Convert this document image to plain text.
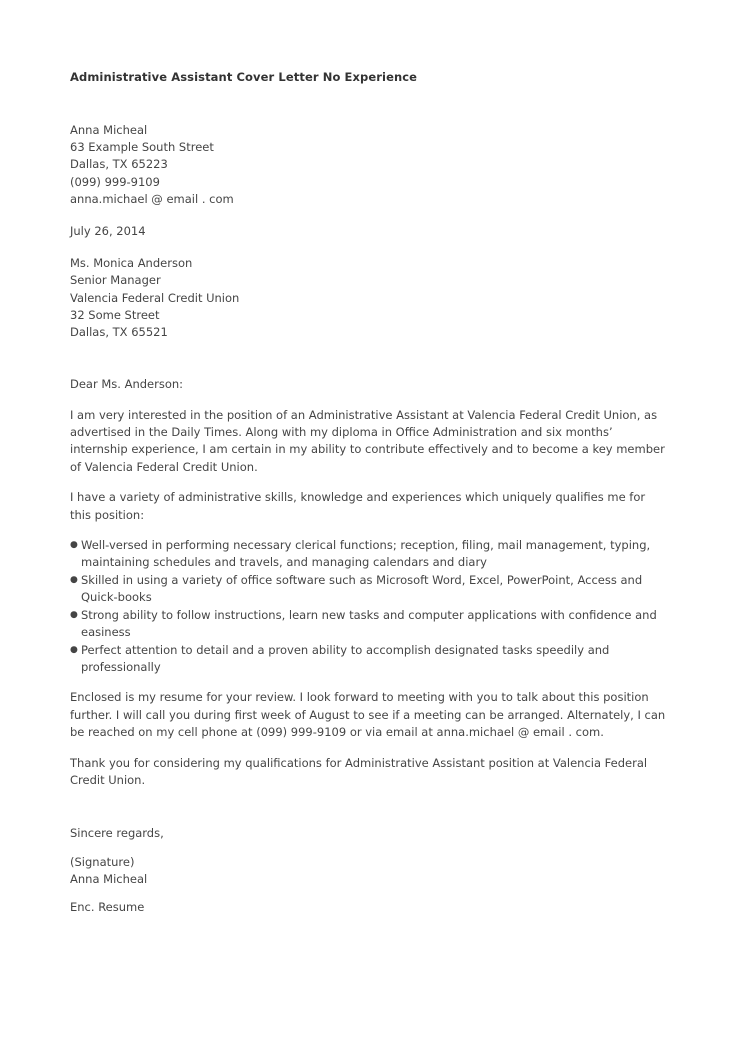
Administrative Assistant Cover Letter No Experience
Anna Micheal
63 Example South Street
Dallas, TX 65223
(099) 999-9109
anna.michael @ email . com
July 26, 2014
Ms. Monica Anderson
Senior Manager
Valencia Federal Credit Union
32 Some Street
Dallas, TX 65521

Dear Ms. Anderson:

I am very interested in the position of an Administrative Assistant at Valencia Federal Credit Union, as advertised in the Daily Times. Along with my diploma in Office Administration and six months’ internship experience, I am certain in my ability to contribute effectively and to become a key member of Valencia Federal Credit Union.

I have a variety of administrative skills, knowledge and experiences which uniquely qualifies me for this position:

● Well-versed in performing necessary clerical functions; reception, filing, mail management, typing, maintaining schedules and travels, and managing calendars and diary
● Skilled in using a variety of office software such as Microsoft Word, Excel, PowerPoint, Access and Quick-books
● Strong ability to follow instructions, learn new tasks and computer applications with confidence and easiness
● Perfect attention to detail and a proven ability to accomplish designated tasks speedily and professionally

Enclosed is my resume for your review. I look forward to meeting with you to talk about this position further. I will call you during first week of August to see if a meeting can be arranged. Alternately, I can be reached on my cell phone at (099) 999-9109 or via email at anna.michael @ email . com.

Thank you for considering my qualifications for Administrative Assistant position at Valencia Federal Credit Union.

Sincere regards,

(Signature)

Anna Micheal

Enc. Resume
